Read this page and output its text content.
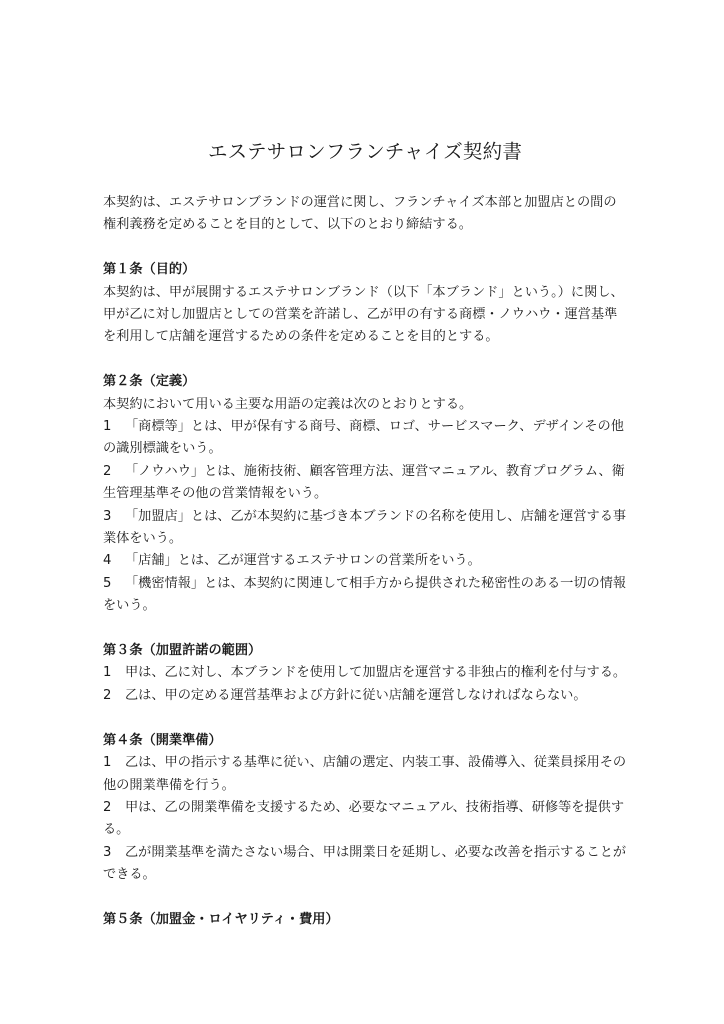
エステサロンフランチャイズ契約書

本契約は、エステサロンブランドの運営に関し、フランチャイズ本部と加盟店との間の権利義務を定めることを目的として、以下のとおり締結する。

第１条（目的）

本契約は、甲が展開するエステサロンブランド（以下「本ブランド」という。）に関し、甲が乙に対し加盟店としての営業を許諾し、乙が甲の有する商標・ノウハウ・運営基準を利用して店舗を運営するための条件を定めることを目的とする。

第２条（定義）

本契約において用いる主要な用語の定義は次のとおりとする。

1 「商標等」とは、甲が保有する商号、商標、ロゴ、サービスマーク、デザインその他の識別標識をいう。

2 「ノウハウ」とは、施術技術、顧客管理方法、運営マニュアル、教育プログラム、衛生管理基準その他の営業情報をいう。

3 「加盟店」とは、乙が本契約に基づき本ブランドの名称を使用し、店舗を運営する事業体をいう。

4 「店舗」とは、乙が運営するエステサロンの営業所をいう。

5 「機密情報」とは、本契約に関連して相手方から提供された秘密性のある一切の情報をいう。

第３条（加盟許諾の範囲）

1 甲は、乙に対し、本ブランドを使用して加盟店を運営する非独占的権利を付与する。

2 乙は、甲の定める運営基準および方針に従い店舗を運営しなければならない。

第４条（開業準備）

1 乙は、甲の指示する基準に従い、店舗の選定、内装工事、設備導入、従業員採用その他の開業準備を行う。

2 甲は、乙の開業準備を支援するため、必要なマニュアル、技術指導、研修等を提供する。

3 乙が開業基準を満たさない場合、甲は開業日を延期し、必要な改善を指示することができる。

第５条（加盟金・ロイヤリティ・費用）
